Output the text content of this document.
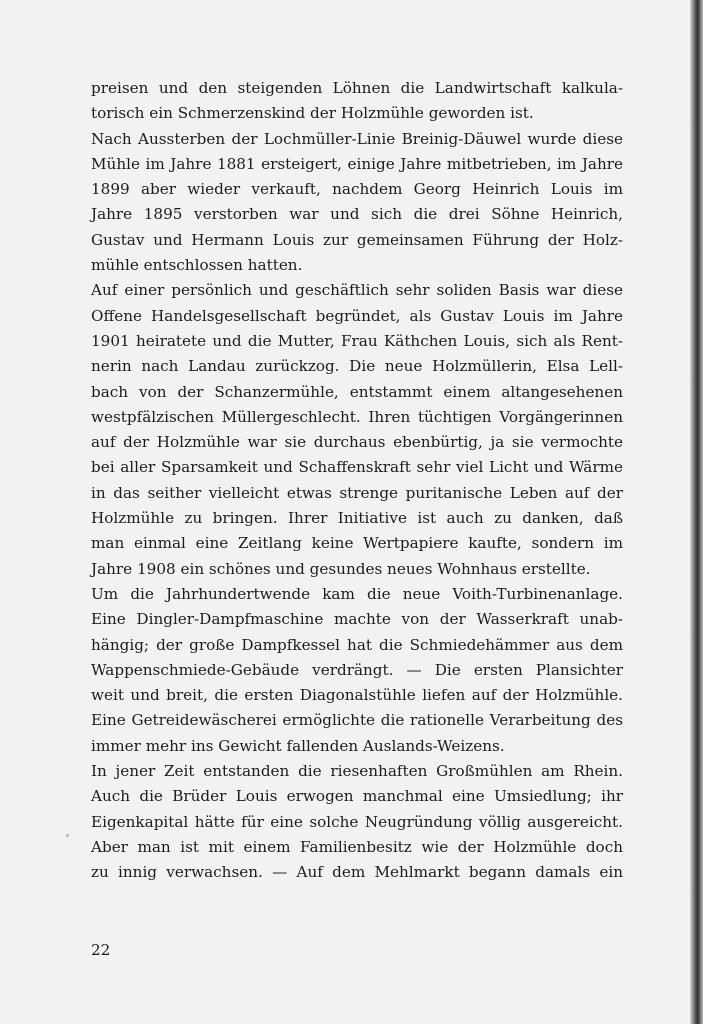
preisen und den steigenden Löhnen die Landwirtschaft kalkula-
torisch ein Schmerzenskind der Holzmühle geworden ist.
Nach Aussterben der Lochmüller-Linie Breinig-Däuwel wurde diese
Mühle im Jahre 1881 ersteigert, einige Jahre mitbetrieben, im Jahre
1899 aber wieder verkauft, nachdem Georg Heinrich Louis im
Jahre 1895 verstorben war und sich die drei Söhne Heinrich,
Gustav und Hermann Louis zur gemeinsamen Führung der Holz-
mühle entschlossen hatten.
Auf einer persönlich und geschäftlich sehr soliden Basis war diese
Offene Handelsgesellschaft begründet, als Gustav Louis im Jahre
1901 heiratete und die Mutter, Frau Käthchen Louis, sich als Rent-
nerin nach Landau zurückzog. Die neue Holzmüllerin, Elsa Lell-
bach von der Schanzermühle, entstammt einem altangesehenen
westpfälzischen Müllergeschlecht. Ihren tüchtigen Vorgängerinnen
auf der Holzmühle war sie durchaus ebenbürtig, ja sie vermochte
bei aller Sparsamkeit und Schaffenskraft sehr viel Licht und Wärme
in das seither vielleicht etwas strenge puritanische Leben auf der
Holzmühle zu bringen. Ihrer Initiative ist auch zu danken, daß
man einmal eine Zeitlang keine Wertpapiere kaufte, sondern im
Jahre 1908 ein schönes und gesundes neues Wohnhaus erstellte.
Um die Jahrhundertwende kam die neue Voith-Turbinenanlage.
Eine Dingler-Dampfmaschine machte von der Wasserkraft unab-
hängig; der große Dampfkessel hat die Schmiedehämmer aus dem
Wappenschmiede-Gebäude verdrängt. — Die ersten Plansichter
weit und breit, die ersten Diagonalstühle liefen auf der Holzmühle.
Eine Getreidewäscherei ermöglichte die rationelle Verarbeitung des
immer mehr ins Gewicht fallenden Auslands-Weizens.
In jener Zeit entstanden die riesenhaften Großmühlen am Rhein.
Auch die Brüder Louis erwogen manchmal eine Umsiedlung; ihr
Eigenkapital hätte für eine solche Neugründung völlig ausgereicht.
Aber man ist mit einem Familienbesitz wie der Holzmühle doch
zu innig verwachsen. — Auf dem Mehlmarkt begann damals ein
22
